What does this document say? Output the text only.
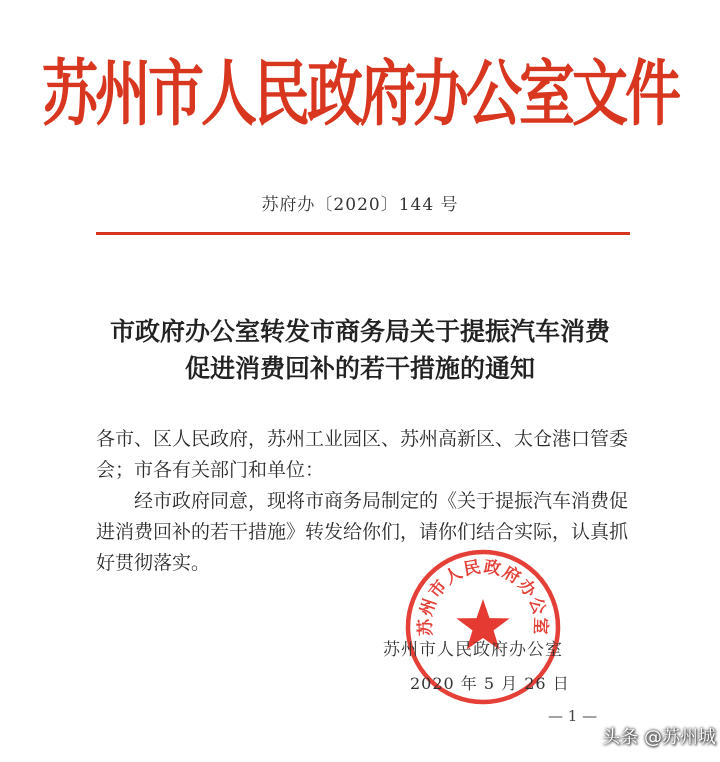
苏州市人民政府办公室文件
苏府办〔2020〕144 号
市政府办公室转发市商务局关于提振汽车消费
促进消费回补的若干措施的通知

各市、区人民政府，苏州工业园区、苏州高新区、太仓港口管委会；市各有关部门和单位：

经市政府同意，现将市商务局制定的《关于提振汽车消费促进消费回补的若干措施》转发给你们，请你们结合实际，认真抓好贯彻落实。

苏州市人民政府办公室
苏州市人民政府办公室
2020 年 5 月 26 日
— 1 —
头条 @苏州城
